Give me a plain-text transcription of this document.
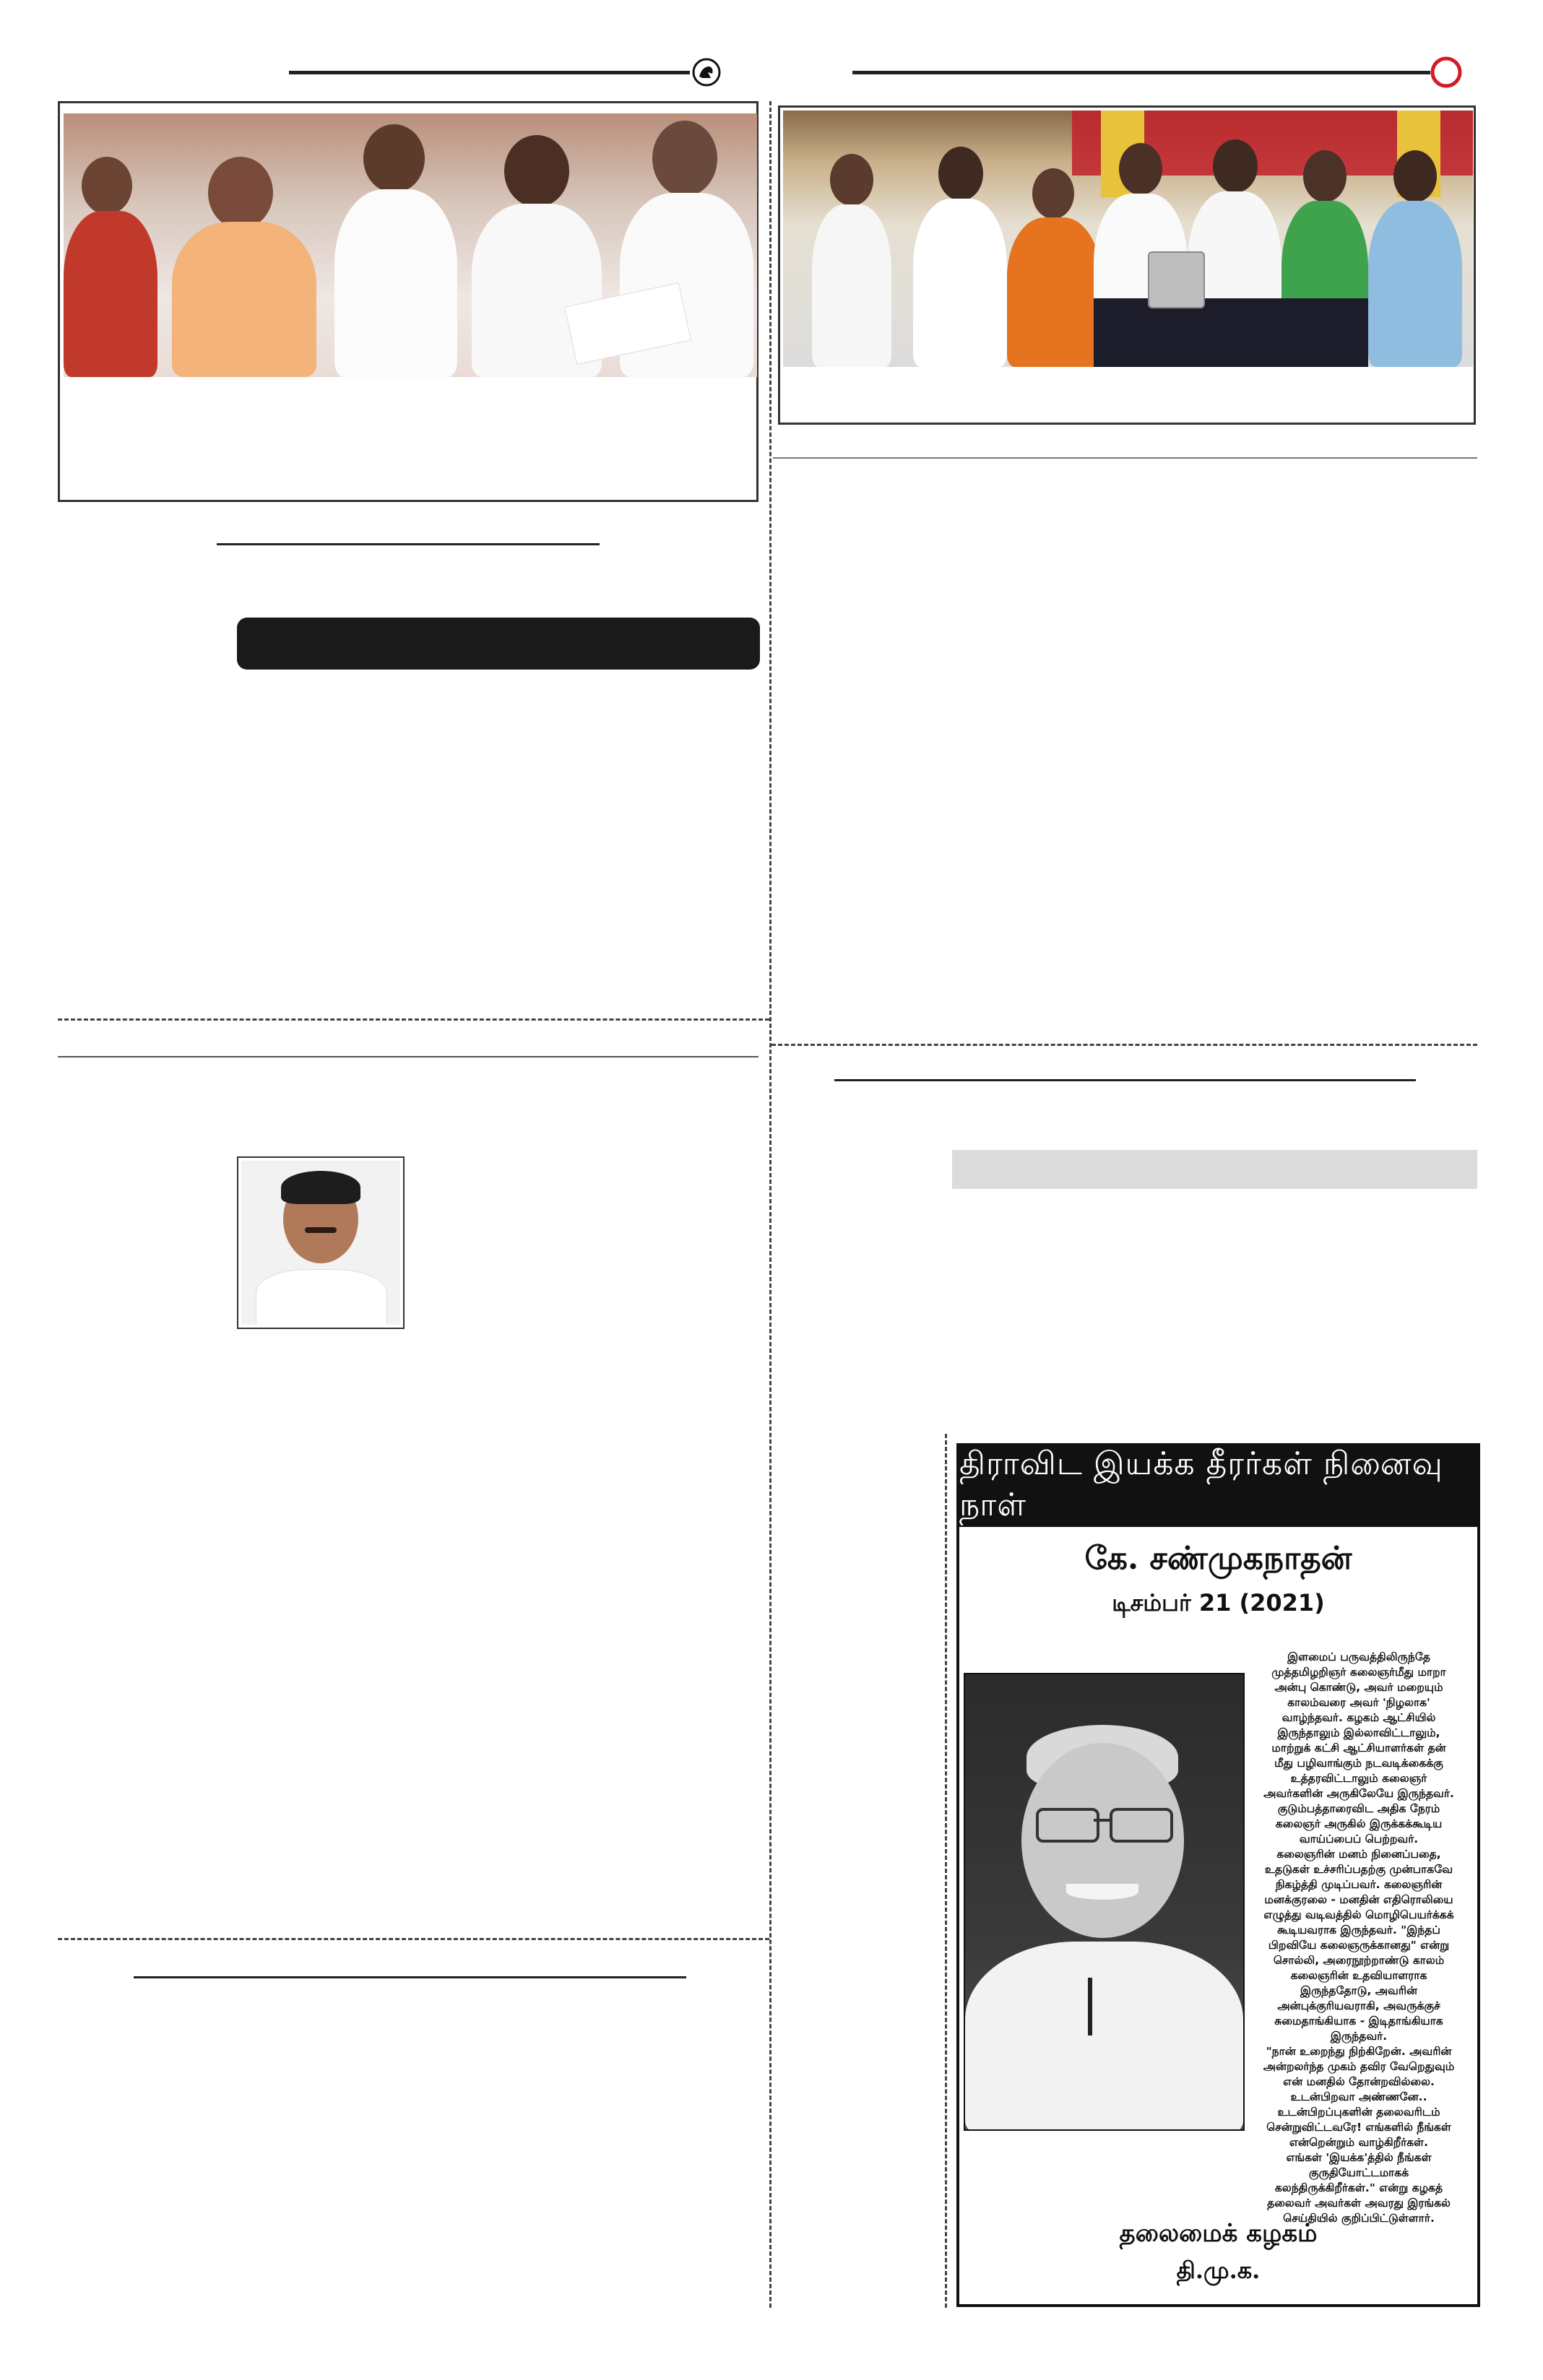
திராவிட இயக்க தீரர்கள் நினைவு நாள்
கே. சண்முகநாதன்
டிசம்பர் 21 (2021)
இளமைப் பருவத்திலிருந்தே
முத்தமிழறிஞர் கலைஞர்மீது மாறா
அன்பு கொண்டு, அவர் மறையும்
காலம்வரை அவர் 'நிழலாக'
வாழ்ந்தவர். கழகம் ஆட்சியில்
இருந்தாலும் இல்லாவிட்டாலும்,
மாற்றுக் கட்சி ஆட்சியாளர்கள் தன்
மீது பழிவாங்கும் நடவடிக்கைக்கு
உத்தரவிட்டாலும் கலைஞர்
அவர்களின் அருகிலேயே இருந்தவர்.
குடும்பத்தாரைவிட அதிக நேரம்
கலைஞர் அருகில் இருக்கக்கூடிய
வாய்ப்பைப் பெற்றவர்.
கலைஞரின் மனம் நினைப்பதை,
உதடுகள் உச்சரிப்பதற்கு முன்பாகவே
நிகழ்த்தி முடிப்பவர். கலைஞரின்
மனக்குரலை - மனதின் எதிரொலியை
எழுத்து வடிவத்தில் மொழிபெயர்க்கக்
கூடியவராக இருந்தவர். "இந்தப்
பிறவியே கலைஞருக்கானது" என்று
சொல்லி, அரைநூற்றாண்டு காலம்
கலைஞரின் உதவியாளராக
இருந்ததோடு, அவரின்
அன்புக்குரியவராகி, அவருக்குச்
சுமைதாங்கியாக - இடிதாங்கியாக
இருந்தவர்.
"நான் உறைந்து நிற்கிறேன். அவரின்
அன்றலர்ந்த முகம் தவிர வேறெதுவும்
என் மனதில் தோன்றவில்லை.
உடன்பிறவா அண்ணனே..
உடன்பிறப்புகளின் தலைவரிடம்
சென்றுவிட்டவரே! எங்களில் நீங்கள்
என்றென்றும் வாழ்கிறீர்கள்.
எங்கள் 'இயக்க'த்தில் நீங்கள்
குருதியோட்டமாகக்
கலந்திருக்கிறீர்கள்." என்று கழகத்
தலைவர் அவர்கள் அவரது இரங்கல்
செய்தியில் குறிப்பிட்டுள்ளார்.
தலைமைக் கழகம்
தி.மு.க.
